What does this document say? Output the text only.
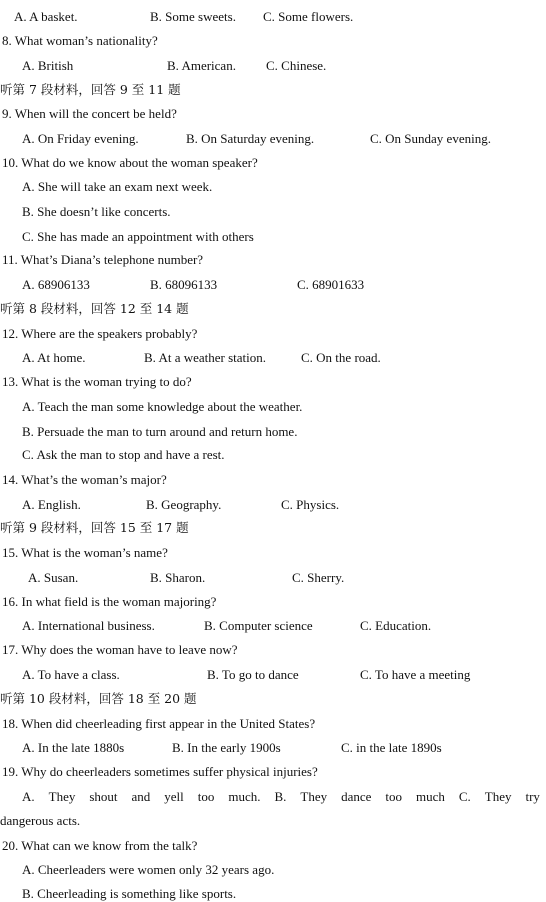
A. A basket.	B. Some sweets. C. Some flowers.
8. What woman’s nationality?
A. British	B. American. C. Chinese.
听第 7 段材料，回答 9 至 11 题
9. When will the concert be held?
A. On Friday evening.	B. On Saturday evening.	C. On Sunday evening.
10. What do we know about the woman speaker?
A. She will take an exam next week.
B. She doesn’t like concerts.
C. She has made an appointment with others
11. What’s Diana’s telephone number?
A. 68906133	B. 68096133	C. 68901633
听第 8 段材料，回答 12 至 14 题
12. Where are the speakers probably?
A. At home.	B. At a weather station.	C. On the road.
13. What is the woman trying to do?
A. Teach the man some knowledge about the weather.
B. Persuade the man to turn around and return home.
C. Ask the man to stop and have a rest.
14. What’s the woman’s major?
A. English.	B. Geography.	C. Physics.
听第 9 段材料，回答 15 至 17 题
15. What is the woman’s name?
A. Susan.	B. Sharon.	C. Sherry.
16. In what field is the woman majoring?
A. International business.	B. Computer science	C. Education.
17. Why does the woman have to leave now?
A. To have a class.	B. To go to dance	C. To have a meeting
听第 10 段材料，回答 18 至 20 题
18. When did cheerleading first appear in the United States?
A. In the late 1880s	B. In the early 1900s	C. in the late 1890s
19. Why do cheerleaders sometimes suffer physical injuries?
A. They shout and yell too much. B. They dance too much C. They try
dangerous acts.
20. What can we know from the talk?
A. Cheerleaders were women only 32 years ago.
B. Cheerleading is something like sports.
